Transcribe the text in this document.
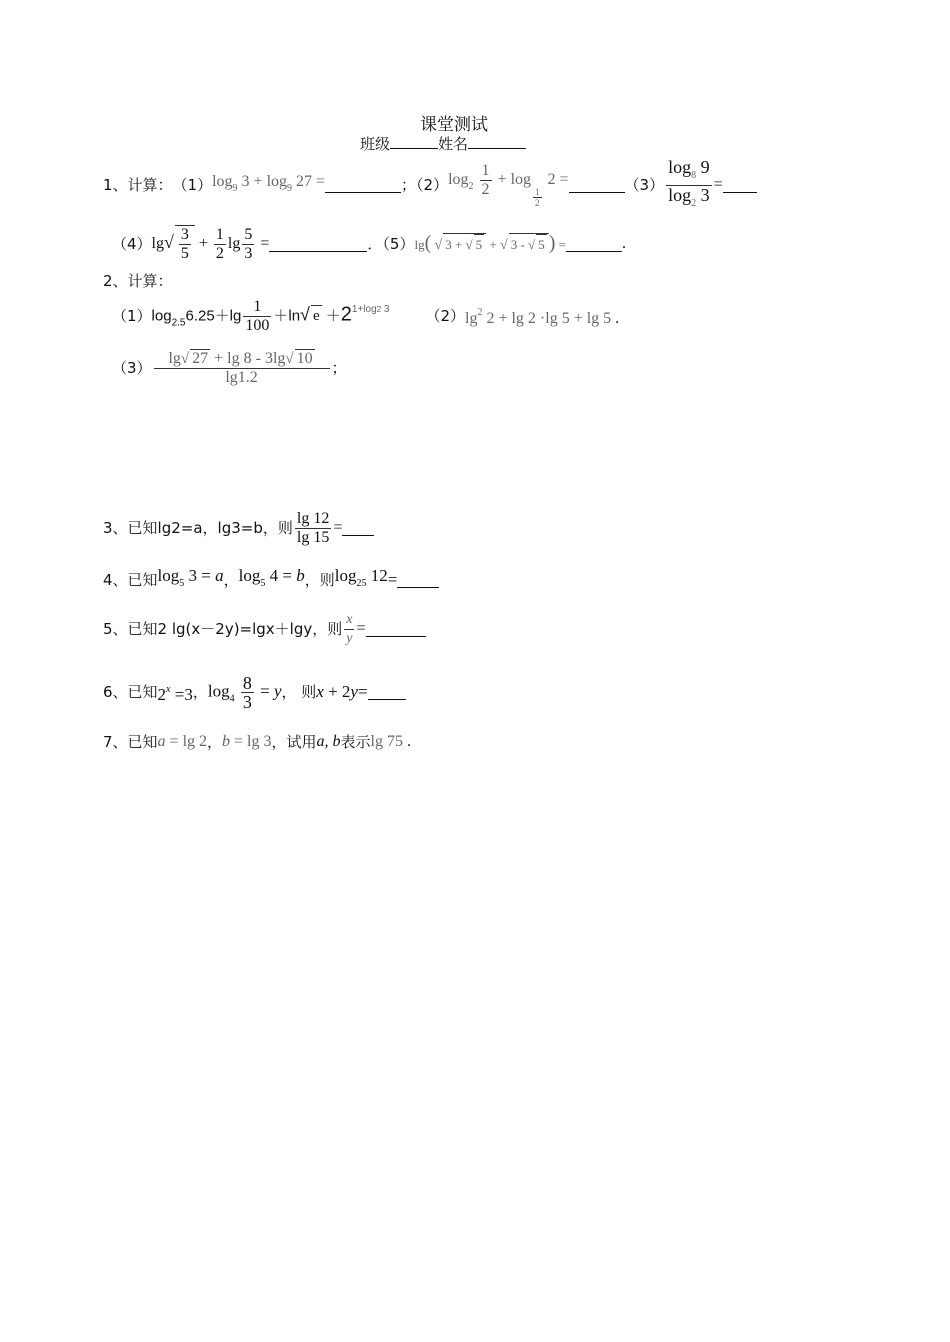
课堂测试
班级	姓名
1、计算： （1） $\log_9 3 + \log_9 27$ =	；（2） $\log_2 \frac{1}{2} + \log$
$\frac{1}{2}$
2 =	$(3) \frac{\log_8 9}{\log_2 3}$ =
（4） $\lg√ \frac{3}{5} + \frac{1}{2}$ $\lg \frac{5}{3}$ =	．（5） lg( √ 3 + √ 5 + √ 3 - √ 5 ) =	.
2、计算：
（1） $\log_{2.5}6.25+\lg \frac{1}{100} +\ln√$ $e +2^{1+log2 3}$ （2） $\lg^2 2 + \lg 2 \cdot\lg$ 5 + lg 5 .
$(3) \frac{\lg√ 27 + \lg 8 - 3\lg√ 10}{\lg 1.2}$ ；
3、已知 lg2=a，lg3=b，则 $\frac{\lg 12}{\lg 15}$ =
4、已知 $\log_5 3 = a$ ， $\log_5 4 = b$ ，则 $\log_{25} 12$ =
5、已知 2 lg(x－2y)=lgx＋lgy，则 $\frac{x}{y}$ =
6、已知 $2^x =3$ ， $\log_4 \frac{8}{3} = y$ ， 则 x + 2y =
7、已知 a = lg 2 ， b = lg 3 ，试用 a, b 表示 lg 75 .
